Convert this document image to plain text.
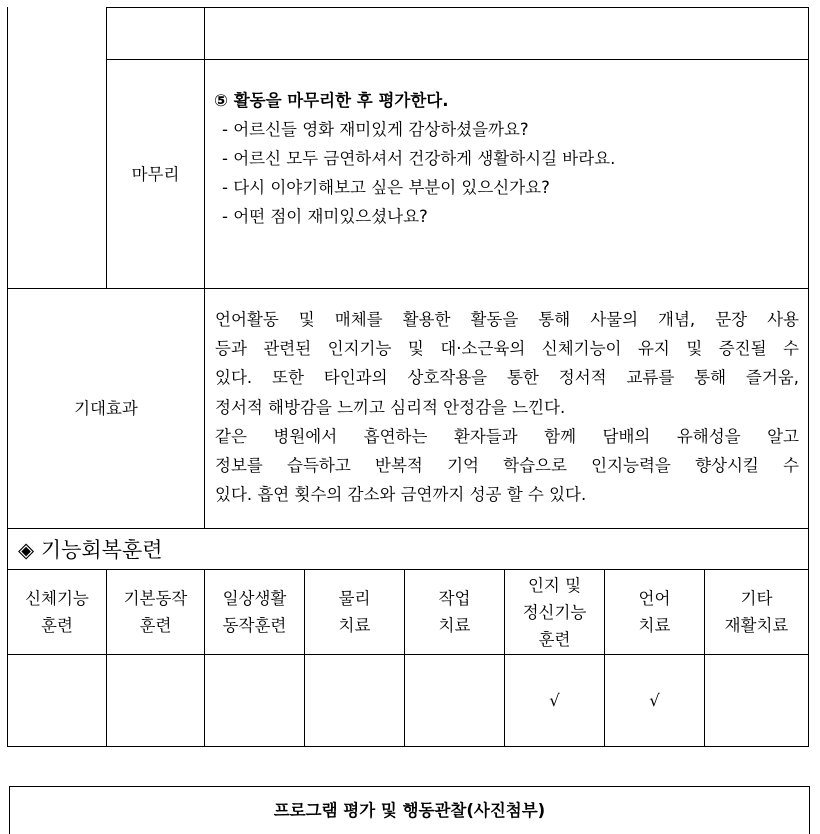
마무리
⑤ 활동을 마무리한 후 평가한다.
- 어르신들 영화 재미있게 감상하셨을까요?
- 어르신 모두 금연하셔서 건강하게 생활하시길 바라요.
- 다시 이야기해보고 싶은 부분이 있으신가요?
- 어떤 점이 재미있으셨나요?
기대효과
언어활동 및 매체를 활용한 활동을 통해 사물의 개념, 문장 사용
등과 관련된 인지기능 및 대·소근육의 신체기능이 유지 및 증진될 수
있다. 또한 타인과의 상호작용을 통한 정서적 교류를 통해 즐거움,
정서적 해방감을 느끼고 심리적 안정감을 느낀다.
같은 병원에서 흡연하는 환자들과 함께 담배의 유해성을 알고
정보를 습득하고 반복적 기억 학습으로 인지능력을 향상시킬 수
있다. 흡연 횟수의 감소와 금연까지 성공 할 수 있다.
◈ 기능회복훈련
신체기능
훈련
기본동작
훈련
일상생활
동작훈련
물리
치료
작업
치료
인지 및
정신기능
훈련
언어
치료
기타
재활치료
√	√
프로그램 평가 및 행동관찰(사진첨부)
